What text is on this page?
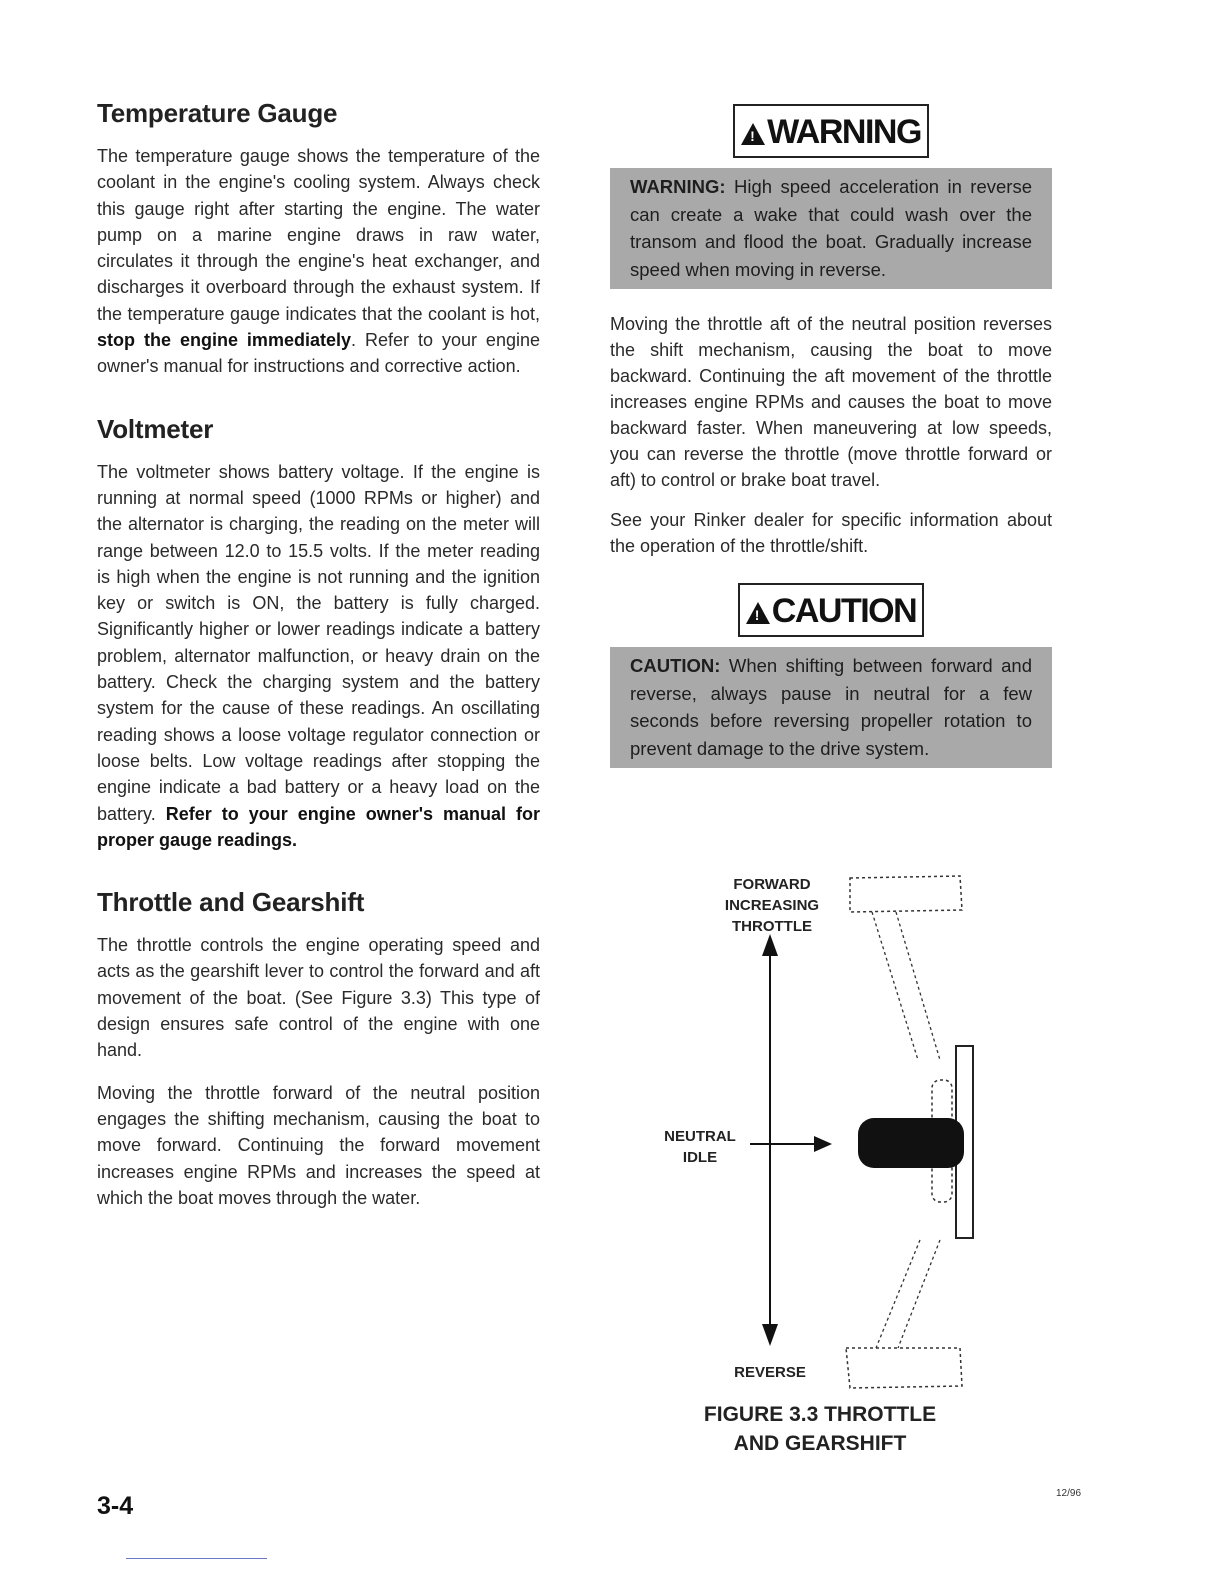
Temperature Gauge

The temperature gauge shows the temperature of the coolant in the engine's cooling system. Always check this gauge right after starting the engine. The water pump on a marine engine draws in raw water, circulates it through the engine's heat exchanger, and discharges it overboard through the exhaust system. If the temperature gauge indicates that the coolant is hot, stop the engine immediately. Refer to your engine owner's manual for instructions and corrective action.

Voltmeter

The voltmeter shows battery voltage. If the engine is running at normal speed (1000 RPMs or higher) and the alternator is charging, the reading on the meter will range between 12.0 to 15.5 volts. If the meter reading is high when the engine is not running and the ignition key or switch is ON, the battery is fully charged. Significantly higher or lower readings indicate a battery problem, alternator malfunction, or heavy drain on the battery. Check the charging system and the battery system for the cause of these readings. An oscillating reading shows a loose voltage regulator connection or loose belts. Low voltage readings after stopping the engine indicate a bad battery or a heavy load on the battery. Refer to your engine owner's manual for proper gauge readings.

Throttle and Gearshift

The throttle controls the engine operating speed and acts as the gearshift lever to control the forward and aft movement of the boat. (See Figure 3.3) This type of design ensures safe control of the engine with one hand.

Moving the throttle forward of the neutral position engages the shifting mechanism, causing the boat to move forward. Continuing the forward movement increases engine RPMs and increases the speed at which the boat moves through the water.

!WARNING

WARNING: High speed acceleration in reverse can create a wake that could wash over the transom and flood the boat. Gradually increase speed when moving in reverse.

Moving the throttle aft of the neutral position reverses the shift mechanism, causing the boat to move backward. Continuing the aft movement of the throttle increases engine RPMs and causes the boat to move backward faster. When maneuvering at low speeds, you can reverse the throttle (move throttle forward or aft) to control or brake boat travel.

See your Rinker dealer for specific information about the operation of the throttle/shift.

!CAUTION

CAUTION: When shifting between forward and reverse, always pause in neutral for a few seconds before reversing propeller rotation to prevent damage to the drive system.

FORWARD
INCREASING
THROTTLE
NEUTRAL
IDLE
REVERSE
FIGURE 3.3 THROTTLE
AND GEARSHIFT
3-4	12/96
